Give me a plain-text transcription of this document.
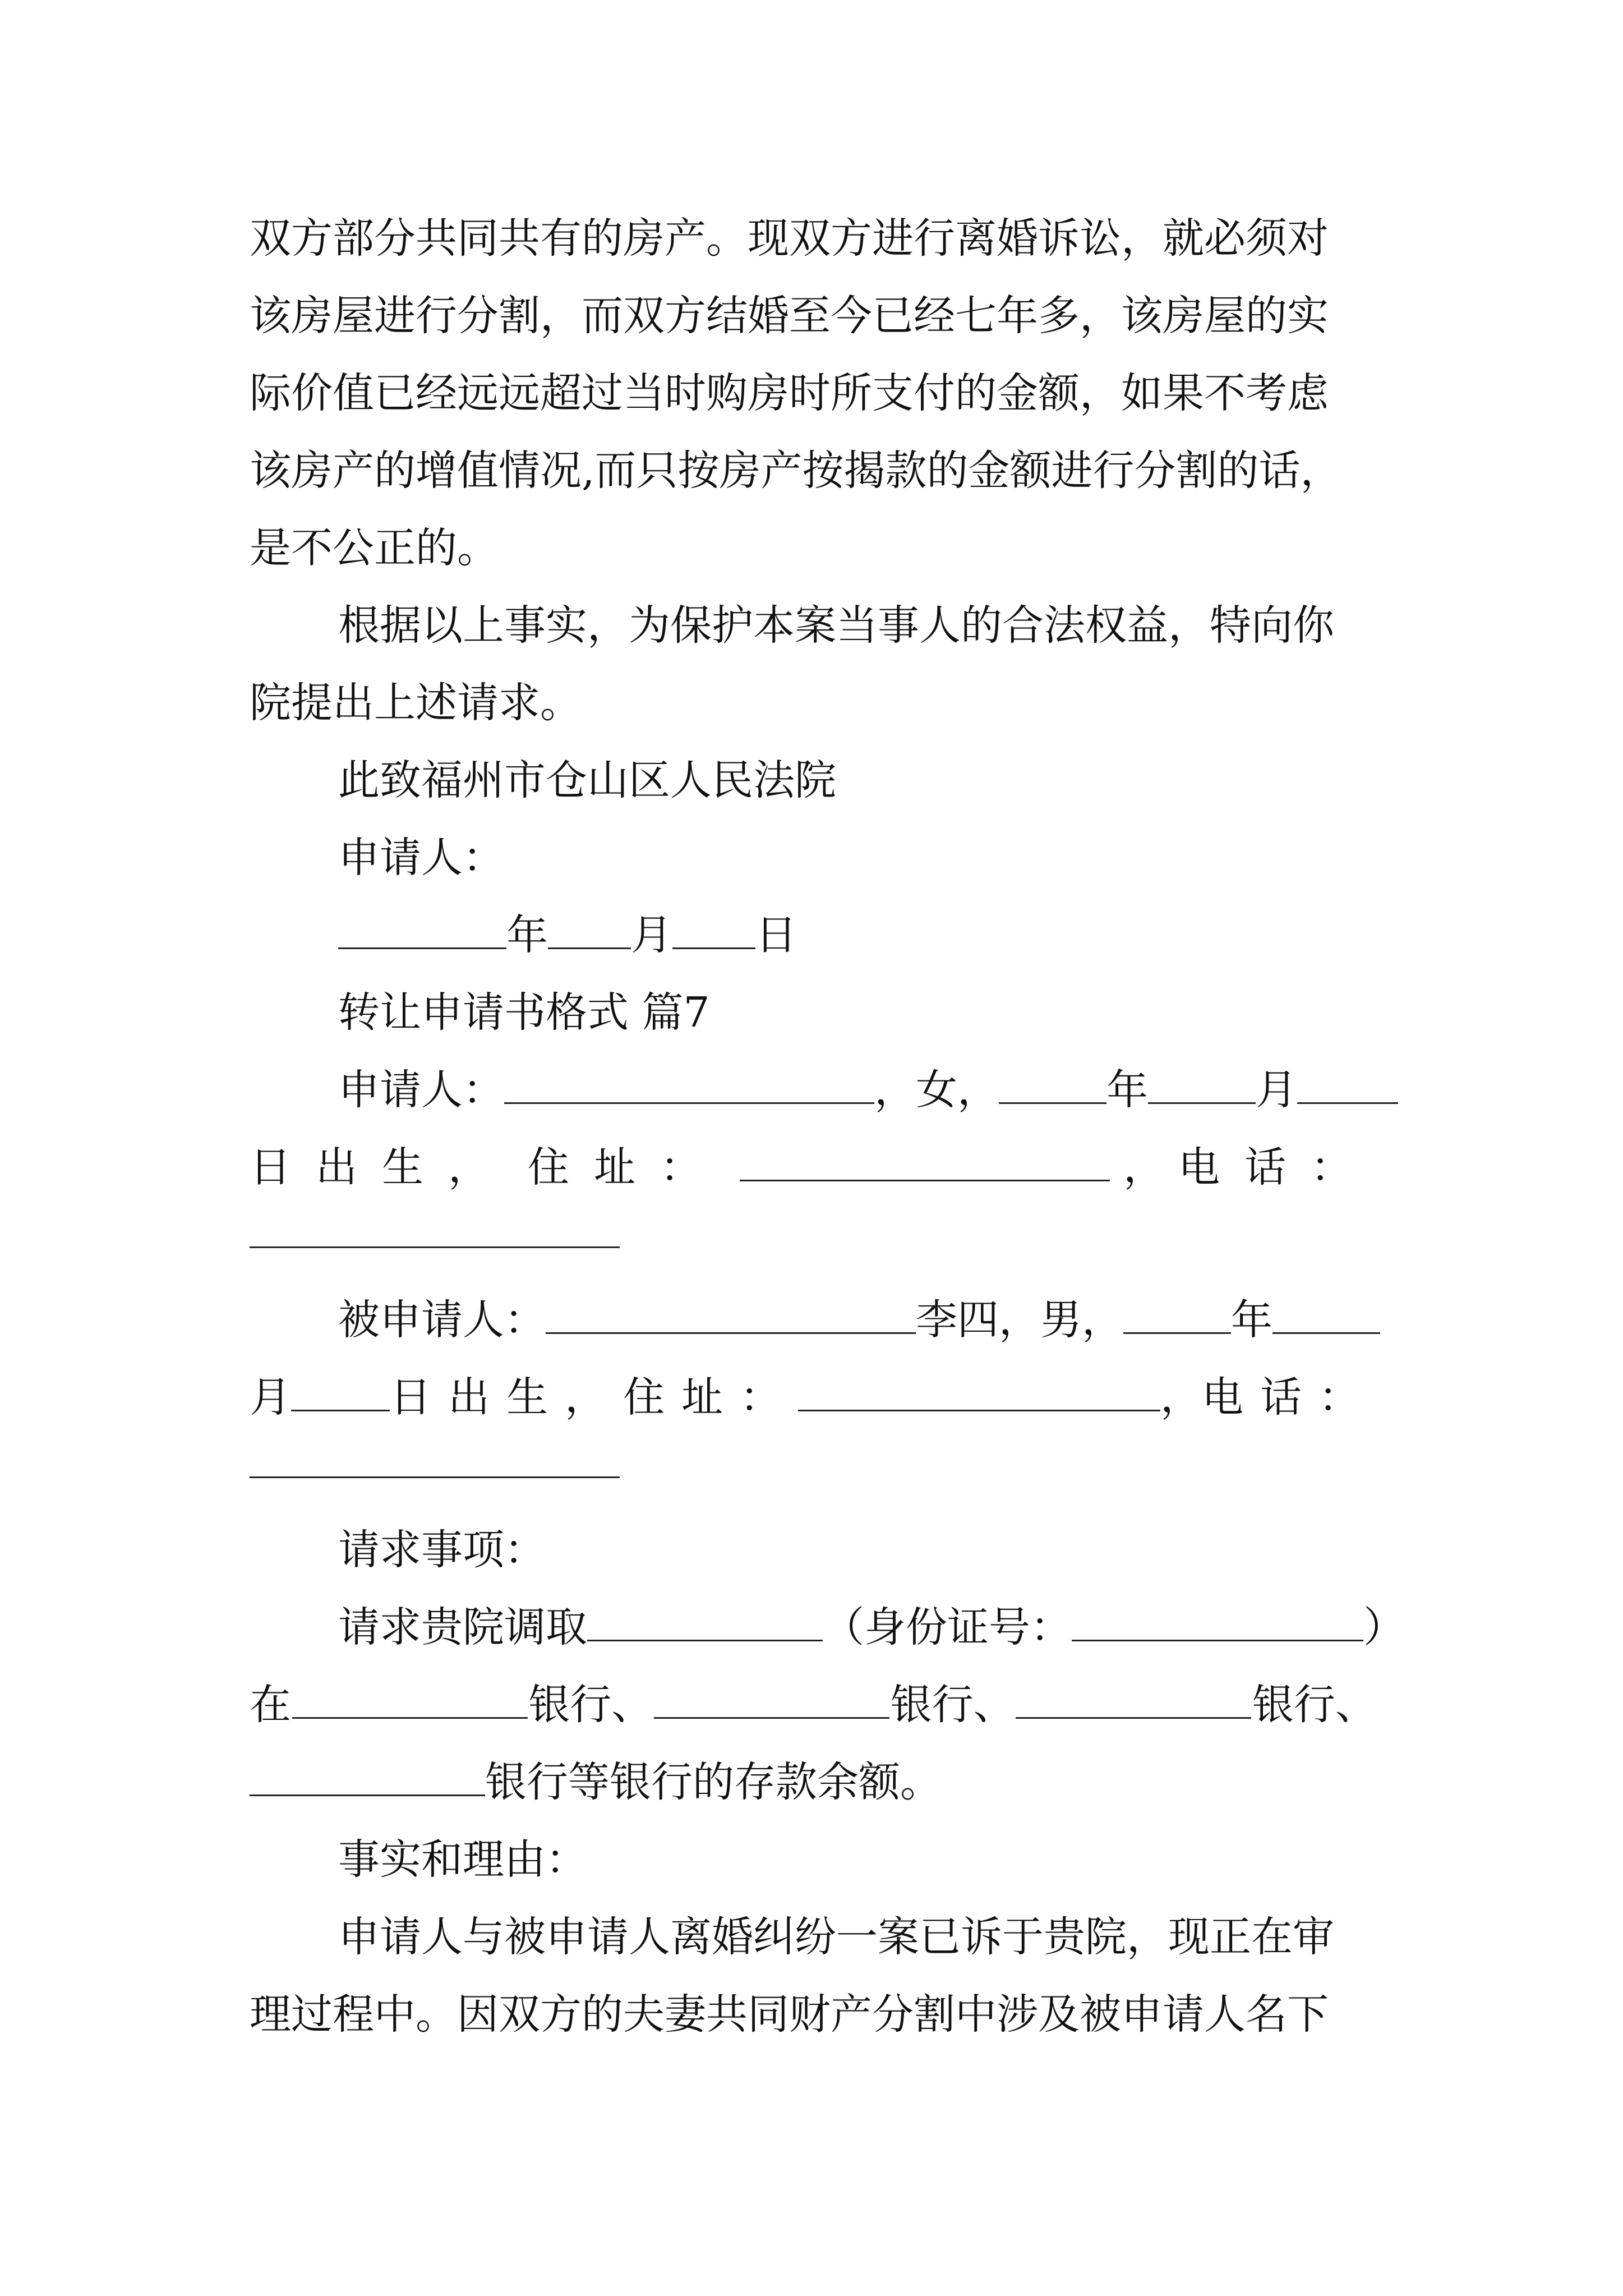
双方部分共同共有的房产。现双方进行离婚诉讼，就必须对
该房屋进行分割，而双方结婚至今已经七年多，该房屋的实
际价值已经远远超过当时购房时所支付的金额，如果不考虑
该房产的增值情况,而只按房产按揭款的金额进行分割的话，
是不公正的。
根据以上事实，为保护本案当事人的合法权益，特向你
院提出上述请求。
此致福州市仓山区人民法院
申请人：
年 月 日
转让申请书格式 篇7
申请人：	，女，	年	月
日出生， 住址：	， 电话：
被申请人：	李四，男，	年
月 日出生， 住址：	， 电话：
请求事项：
请求贵院调取	（身份证号：	）
在	银行、	银行、	银行、
银行等银行的存款余额。
事实和理由：
申请人与被申请人离婚纠纷一案已诉于贵院，现正在审
理过程中。因双方的夫妻共同财产分割中涉及被申请人名下
